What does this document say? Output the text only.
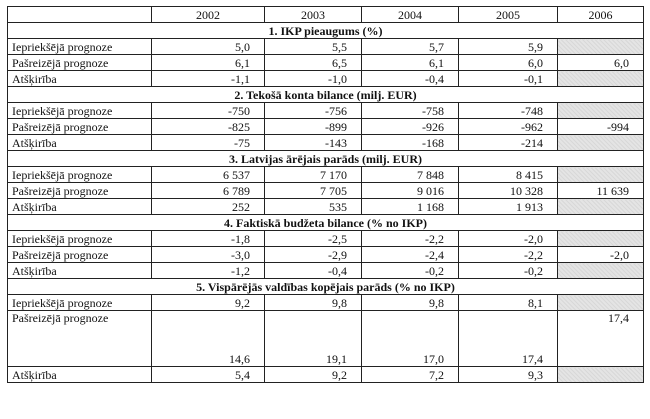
	2002	2003	2004	2005	2006
1. IKP pieaugums (%)					
Iepriekšējā prognoze	5,0	5,5	5,7	5,9	
Pašreizējā prognoze	6,1	6,5	6,1	6,0	6,0
Atšķirība	-1,1	-1,0	-0,4	-0,1	
2. Tekošā konta bilance (milj. EUR)					
Iepriekšējā prognoze	-750	-756	-758	-748	
Pašreizējā prognoze	-825	-899	-926	-962	-994
Atšķirība	-75	-143	-168	-214	
3. Latvijas ārējais parāds (milj. EUR)					
Iepriekšējā prognoze	6 537	7 170	7 848	8 415	
Pašreizējā prognoze	6 789	7 705	9 016	10 328	11 639
Atšķirība	252	535	1 168	1 913	
4. Faktiskā budžeta bilance (% no IKP)					
Iepriekšējā prognoze	-1,8	-2,5	-2,2	-2,0	
Pašreizējā prognoze	-3,0	-2,9	-2,4	-2,2	-2,0
Atšķirība	-1,2	-0,4	-0,2	-0,2	
5. Vispārējās valdības kopējais parāds (% no IKP)					
Iepriekšējā prognoze	9,2	9,8	9,8	8,1	
Pašreizējā prognoze	14,6	19,1	17,0	17,4	17,4
Atšķirība	5,4	9,2	7,2	9,3	
